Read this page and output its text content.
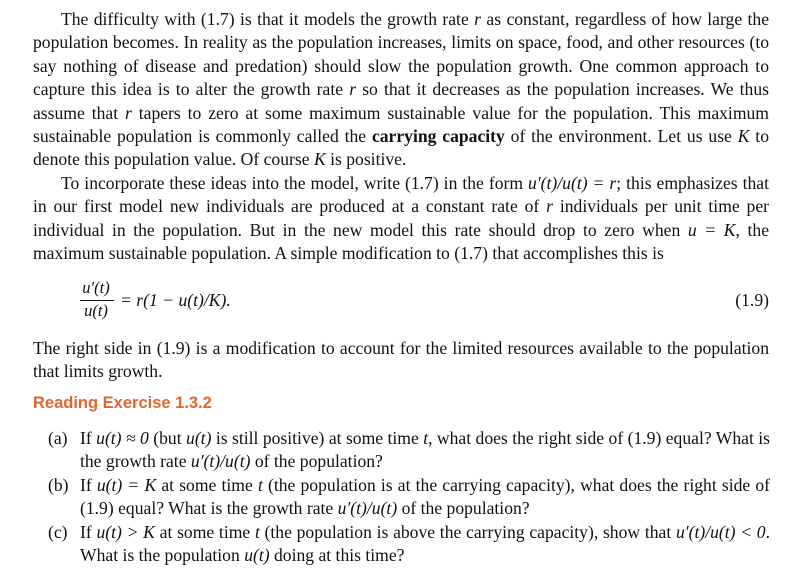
The difficulty with (1.7) is that it models the growth rate r as constant, regardless of how large the population becomes. In reality as the population increases, limits on space, food, and other resources (to say nothing of disease and predation) should slow the population growth. One common approach to capture this idea is to alter the growth rate r so that it decreases as the population increases. We thus assume that r tapers to zero at some maximum sustainable value for the population. This maximum sustainable population is commonly called the carrying capacity of the environment. Let us use K to denote this population value. Of course K is positive.

To incorporate these ideas into the model, write (1.7) in the form u′(t)/u(t) = r; this emphasizes that in our first model new individuals are produced at a constant rate of r individuals per unit time per individual in the population. But in the new model this rate should drop to zero when u = K, the maximum sustainable population. A simple modification to (1.7) that accomplishes this is

u′(t)
u(t)
= r(1 − u(t)/K).	(1.9)

The right side in (1.9) is a modification to account for the limited resources available to the population that limits growth.

Reading Exercise 1.3.2
(a) If u(t) ≈ 0 (but u(t) is still positive) at some time t, what does the right side of (1.9) equal? What is the growth rate u′(t)/u(t) of the population?
(b) If u(t) = K at some time t (the population is at the carrying capacity), what does the right side of (1.9) equal? What is the growth rate u′(t)/u(t) of the population?
(c) If u(t) > K at some time t (the population is above the carrying capacity), show that u′(t)/u(t) < 0. What is the population u(t) doing at this time?
